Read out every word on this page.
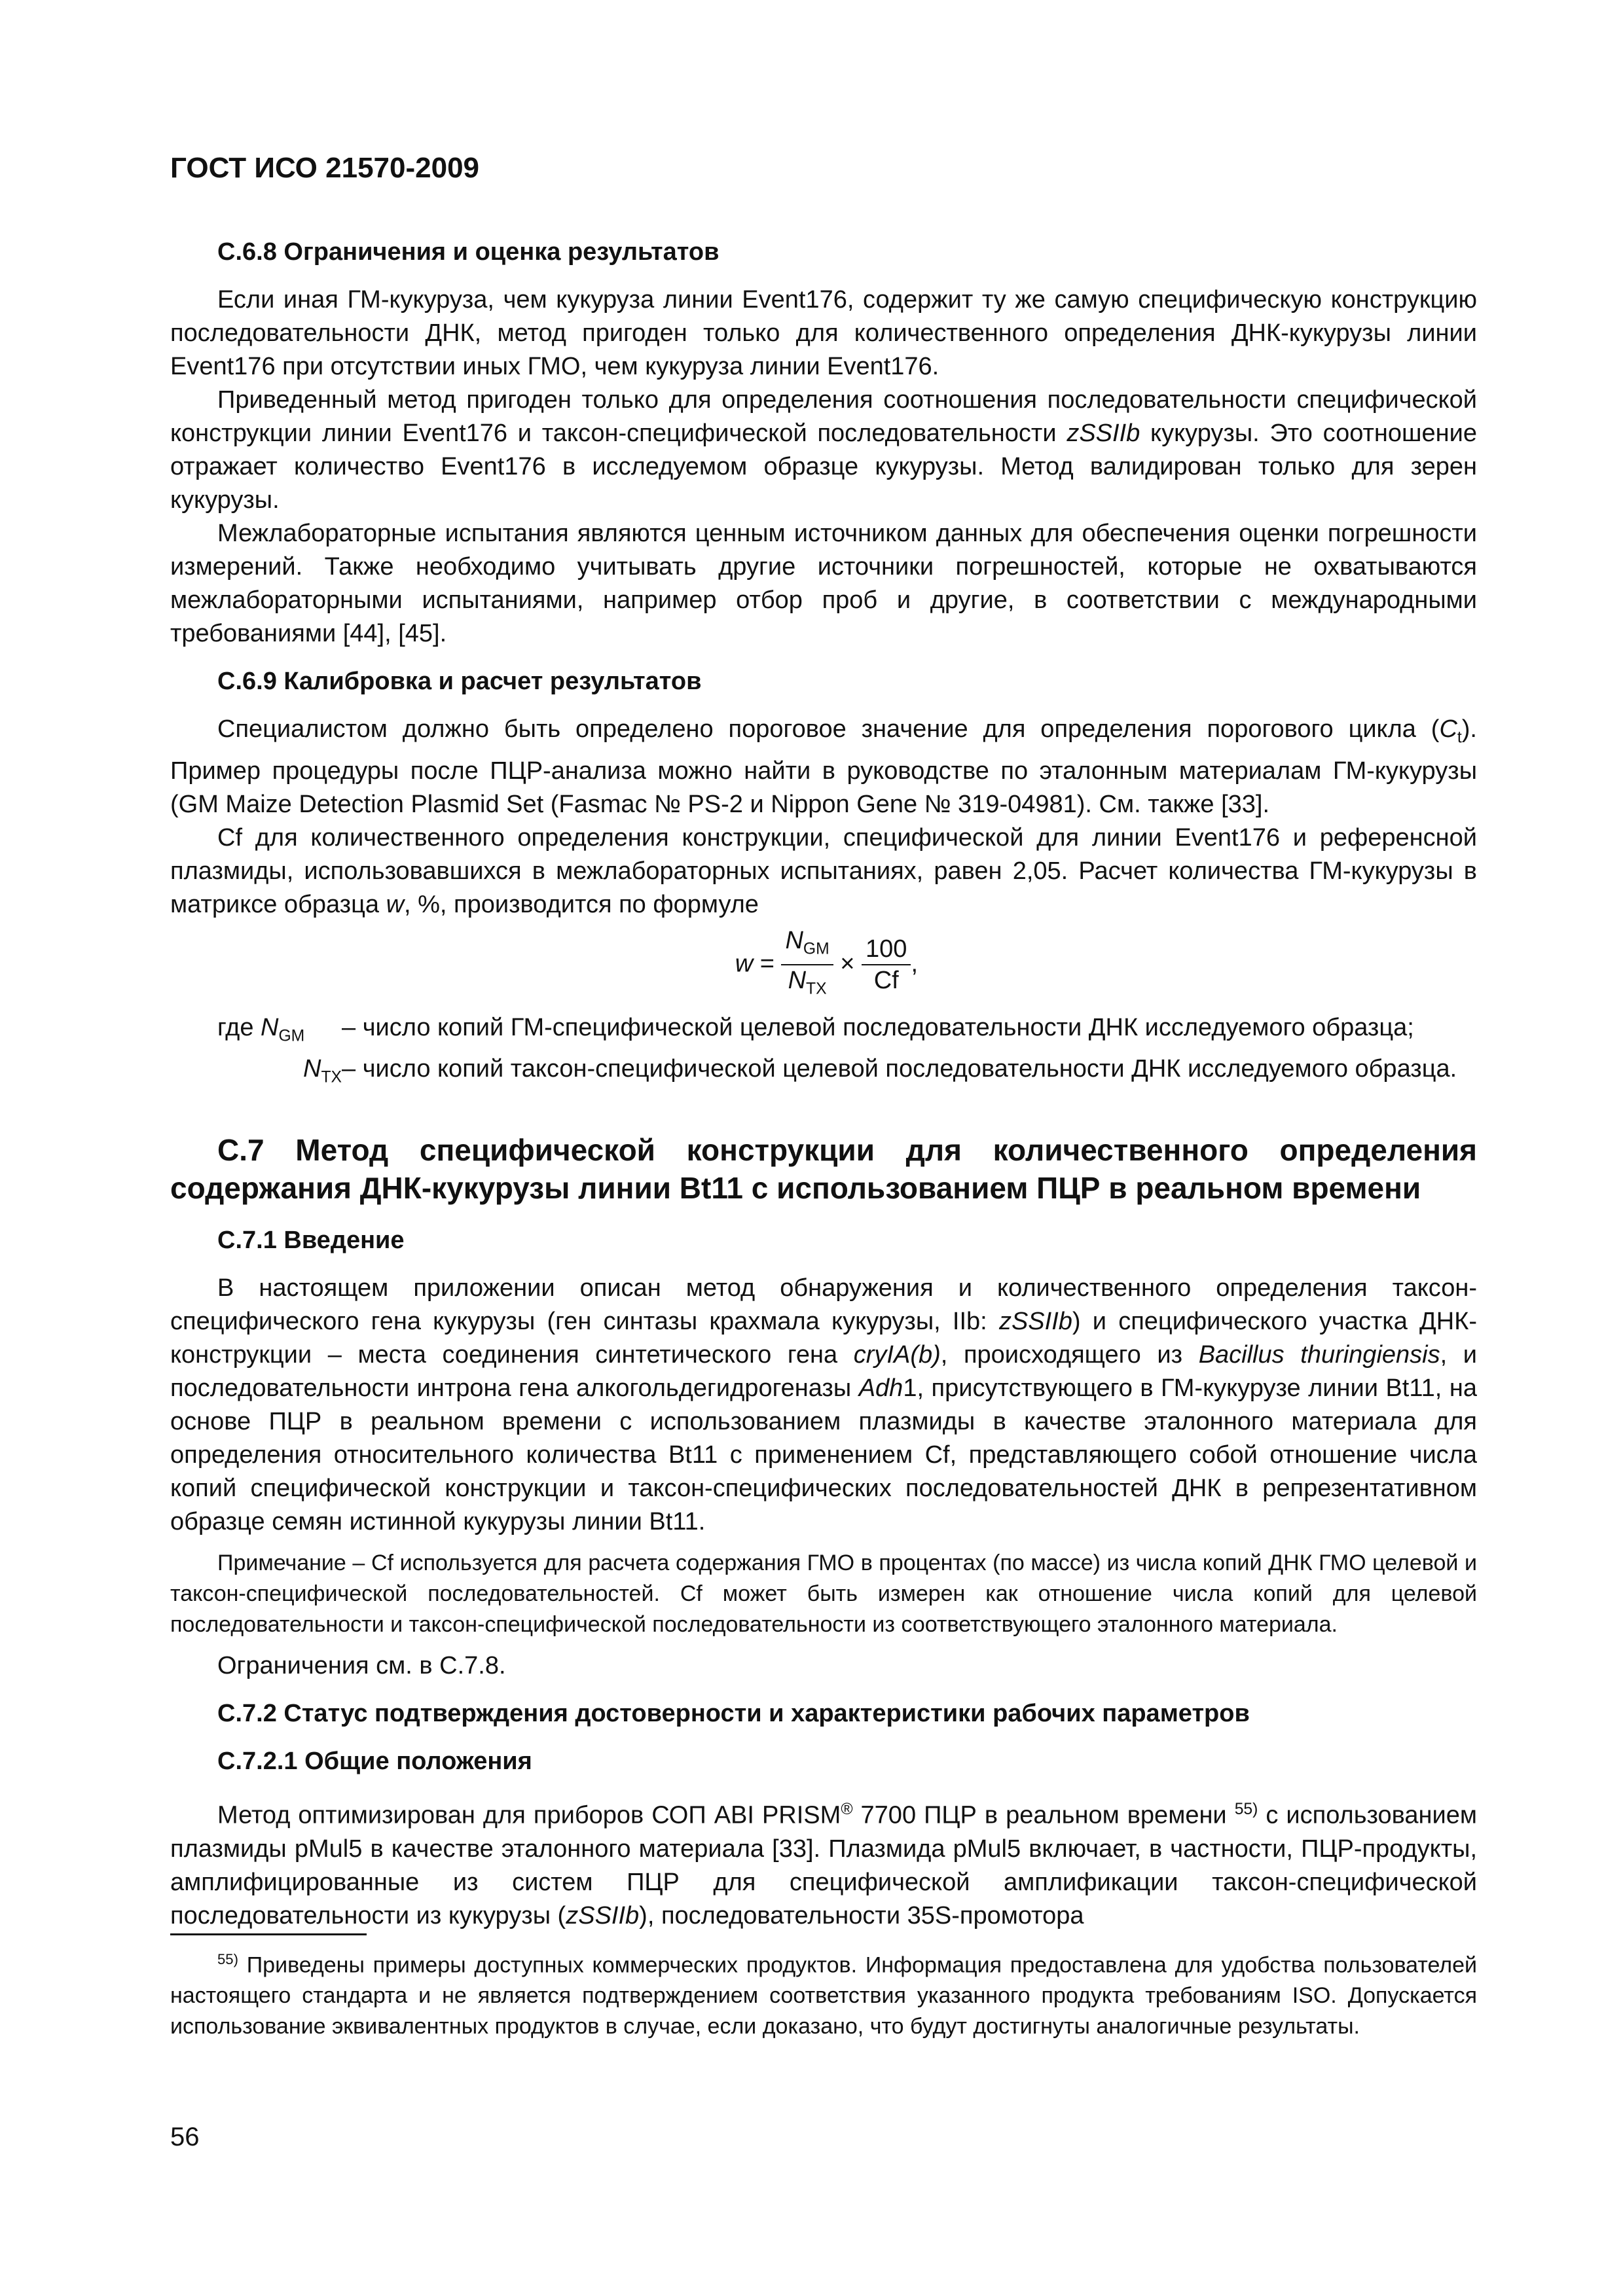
ГОСТ ИСО 21570-2009
С.6.8 Ограничения и оценка результатов

Если иная ГМ-кукуруза, чем кукуруза линии Event176, содержит ту же самую специфическую конструкцию последовательности ДНК, метод пригоден только для количественного определения ДНК-кукурузы линии Event176 при отсутствии иных ГМО, чем кукуруза линии Event176.

Приведенный метод пригоден только для определения соотношения последовательности специфической конструкции линии Event176 и таксон-специфической последовательности zSSIIb кукурузы. Это соотношение отражает количество Event176 в исследуемом образце кукурузы. Метод валидирован только для зерен кукурузы.

Межлабораторные испытания являются ценным источником данных для обеспечения оценки погрешности измерений. Также необходимо учитывать другие источники погрешностей, которые не охватываются межлабораторными испытаниями, например отбор проб и другие, в соответствии с международными требованиями [44], [45].

С.6.9 Калибровка и расчет результатов

Специалистом должно быть определено пороговое значение для определения порогового цикла $(C_t)$. Пример процедуры после ПЦР-анализа можно найти в руководстве по эталонным материалам ГМ-кукурузы (GM Maize Detection Plasmid Set (Fasmac № PS-2 и Nippon Gene № 319-04981). См. также [33].

Cf для количественного определения конструкции, специфической для линии Event176 и референсной плазмиды, использовавшихся в межлабораторных испытаниях, равен 2,05. Расчет количества ГМ-кукурузы в матриксе образца w, %, производится по формуле

$w = \frac{N_{GM}}{N_{TX}} \times \frac{100}{Cf}$ ,
где $N_{GM}$	– число копий ГМ-специфической целевой последовательности ДНК исследуемого образца;
$N_{TX}$ – число копий таксон-специфической целевой последовательности ДНК исследуемого образца.
С.7 Метод специфической конструкции для количественного определения содержания ДНК-кукурузы линии Bt11 с использованием ПЦР в реальном времени
С.7.1 Введение

В настоящем приложении описан метод обнаружения и количественного определения таксон-специфического гена кукурузы (ген синтазы крахмала кукурузы, IIb: zSSIIb) и специфического участка ДНК-конструкции – места соединения синтетического гена cryIA(b), происходящего из Bacillus thuringiensis, и последовательности интрона гена алкогольдегидрогеназы Adh1, присутствующего в ГМ-кукурузе линии Bt11, на основе ПЦР в реальном времени с использованием плазмиды в качестве эталонного материала для определения относительного количества Bt11 с применением Cf, представляющего собой отношение числа копий специфической конструкции и таксон-специфических последовательностей ДНК в репрезентативном образце семян истинной кукурузы линии Bt11.

Примечание – Cf используется для расчета содержания ГМО в процентах (по массе) из числа копий ДНК ГМО целевой и таксон-специфической последовательностей. Cf может быть измерен как отношение числа копий для целевой последовательности и таксон-специфической последовательности из соответствующего эталонного материала.

Ограничения см. в С.7.8.

С.7.2 Статус подтверждения достоверности и характеристики рабочих параметров
С.7.2.1 Общие положения

Метод оптимизирован для приборов СОП ABI PRISM® 7700 ПЦР в реальном времени $^{55)}$ с использованием плазмиды pMul5 в качестве эталонного материала [33]. Плазмида pMul5 включает, в частности, ПЦР-продукты, амплифицированные из систем ПЦР для специфической амплификации таксон-специфической последовательности из кукурузы (zSSIIb), последовательности 35S-промотора

$^{55)}$ Приведены примеры доступных коммерческих продуктов. Информация предоставлена для удобства пользователей настоящего стандарта и не является подтверждением соответствия указанного продукта требованиям ISO. Допускается использование эквивалентных продуктов в случае, если доказано, что будут достигнуты аналогичные результаты.

56
